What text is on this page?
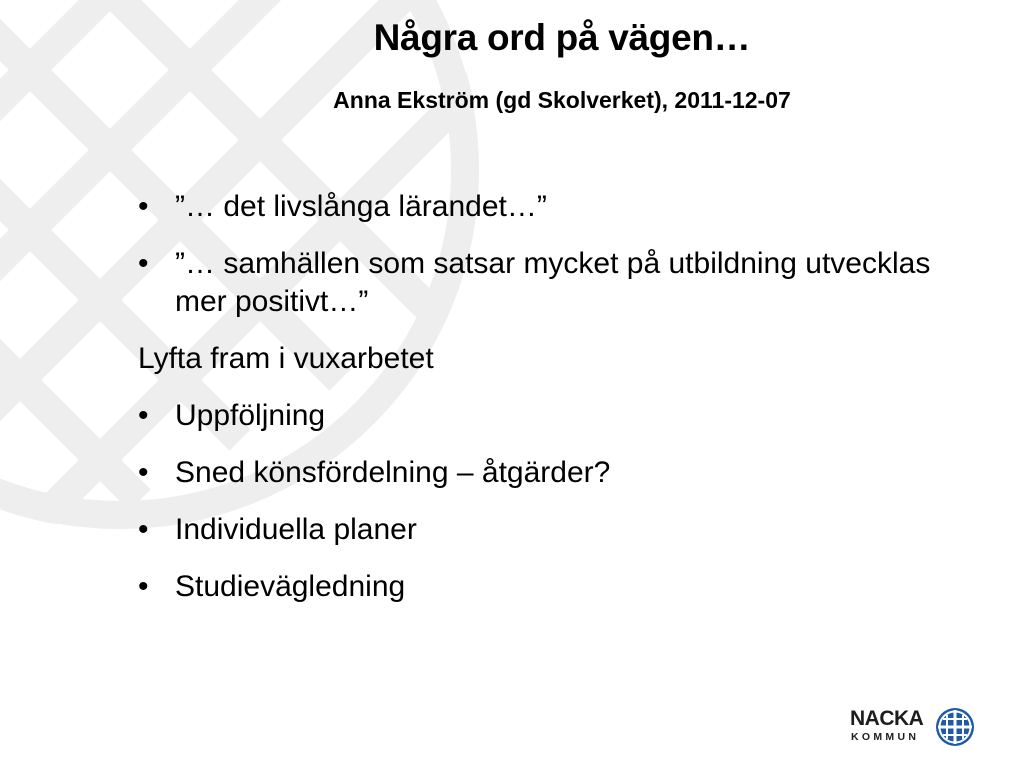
Några ord på vägen…
Anna Ekström (gd Skolverket), 2011-12-07
• ”… det livslånga lärandet…”
• ”… samhällen som satsar mycket på utbildning utvecklas mer positivt…”
Lyfta fram i vuxarbetet
• Uppföljning
• Sned könsfördelning – åtgärder?
• Individuella planer
• Studievägledning
NACKA
KOMMUN
